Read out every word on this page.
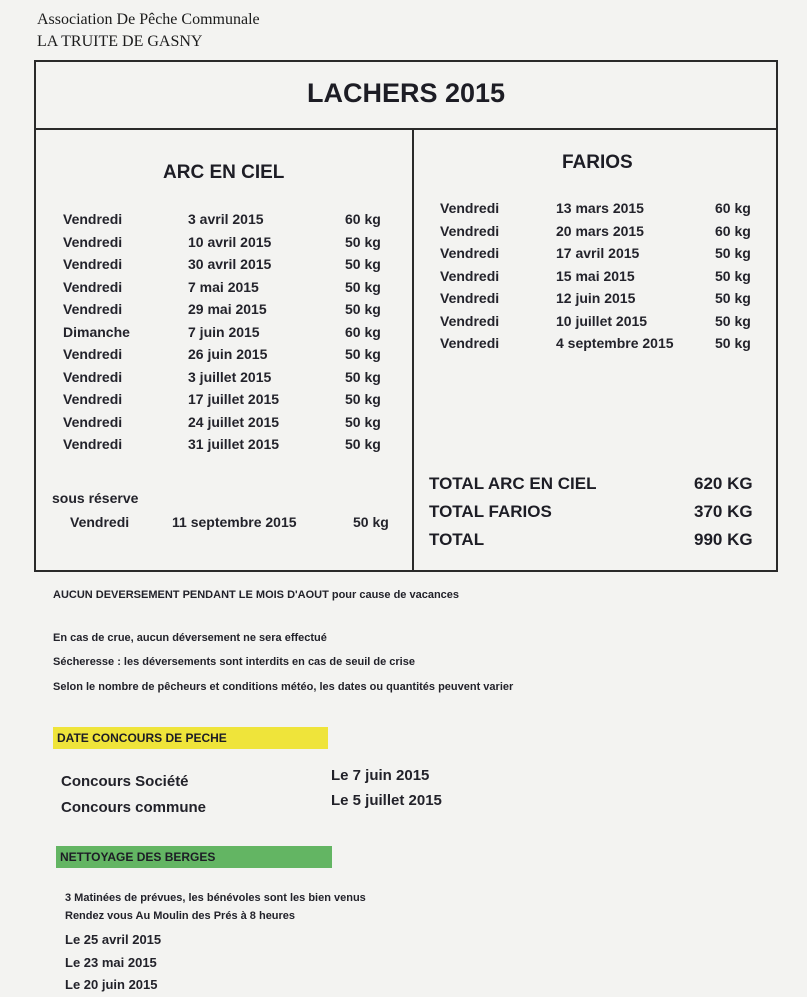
Association De Pêche Communale
LA TRUITE DE GASNY
LACHERS 2015
ARC EN CIEL
Vendredi	3 avril 2015	60 kg
Vendredi	10 avril 2015	50 kg
Vendredi	30 avril 2015	50 kg
Vendredi	7 mai 2015	50 kg
Vendredi	29 mai 2015	50 kg
Dimanche	7 juin 2015	60 kg
Vendredi	26 juin 2015	50 kg
Vendredi	3 juillet 2015	50 kg
Vendredi	17 juillet 2015	50 kg
Vendredi	24 juillet 2015	50 kg
Vendredi	31 juillet 2015	50 kg
sous réserve
Vendredi	11 septembre 2015	50 kg
FARIOS
Vendredi	13 mars 2015	60 kg
Vendredi	20 mars 2015	60 kg
Vendredi	17 avril 2015	50 kg
Vendredi	15 mai 2015	50 kg
Vendredi	12 juin 2015	50 kg
Vendredi	10 juillet 2015	50 kg
Vendredi	4 septembre 2015	50 kg
TOTAL ARC EN CIEL	620 KG
TOTAL FARIOS	370 KG
TOTAL	990 KG
AUCUN DEVERSEMENT PENDANT LE MOIS D'AOUT pour cause de vacances
En cas de crue, aucun déversement ne sera effectué
Sécheresse : les déversements sont interdits en cas de seuil de crise
Selon le nombre de pêcheurs et conditions météo, les dates ou quantités peuvent varier
DATE CONCOURS DE PECHE
Concours Société	Le 7 juin 2015
Concours commune	Le 5 juillet 2015
NETTOYAGE DES BERGES
3 Matinées de prévues, les bénévoles sont les bien venus
Rendez vous Au Moulin des Prés à 8 heures
Le 25 avril 2015
Le 23 mai 2015
Le 20 juin 2015
